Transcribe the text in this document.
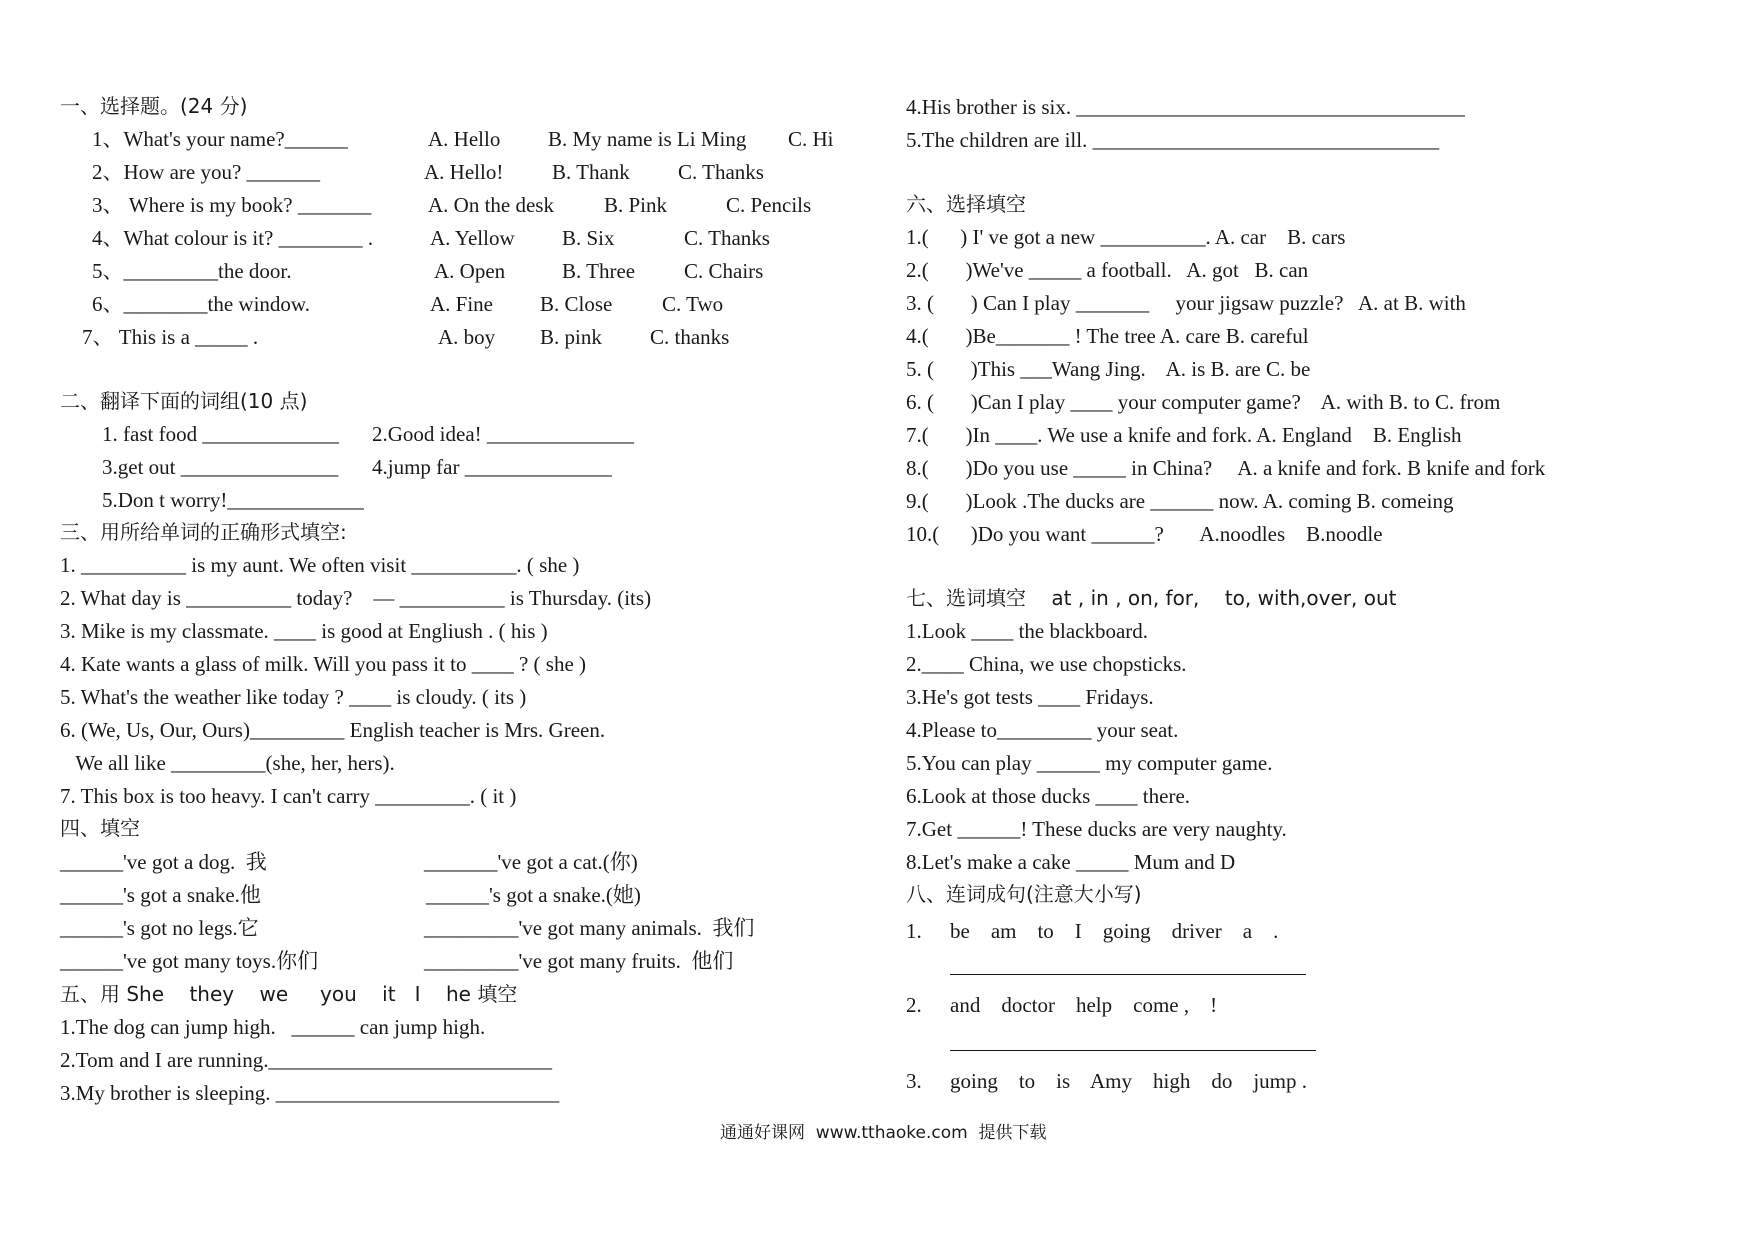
一、选择题。(24 分)
1、What's your name?______	A. Hello B. My name is Li Ming C. Hi
2、How are you? _______	A. Hello! B. Thank C. Thanks
3、 Where is my book? _______	A. On the desk B. Pink	C. Pencils
4、What colour is it? ________ .	A. Yellow B. Six	C. Thanks
5、_________the door.	A. Open	B. Three C. Chairs
6、________the window.	A. Fine B. Close C. Two
7、 This is a _____ .	A. boy B. pink C. thanks
二、翻译下面的词组(10 点)
1. fast food _____________ 2.Good idea! ______________
3.get out _______________ 4.jump far ______________
5.Don t worry!_____________
三、用所给单词的正确形式填空:
1. __________ is my aunt. We often visit __________. ( she )
2. What day is __________ today?    — __________ is Thursday. (its)
3. Mike is my classmate. ____ is good at Engliush . ( his )
4. Kate wants a glass of milk. Will you pass it to ____ ? ( she )
5. What's the weather like today ? ____ is cloudy. ( its )
6. (We, Us, Our, Ours)_________ English teacher is Mrs. Green.
We all like _________(she, her, hers).
7. This box is too heavy. I can't carry _________. ( it )
四、填空
______'ve got a dog.  我	_______'ve got a cat.(你)
______'s got a snake.他	______'s got a snake.(她)
______'s got no legs.它	_________'ve got many animals.  我们
______'ve got many toys.你们	_________'ve got many fruits.  他们
五、用 She    they    we     you    it   I    he 填空
1.The dog can jump high.   ______ can jump high.
2.Tom and I are running.___________________________
3.My brother is sleeping. ___________________________
4.His brother is six. _____________________________________
5.The children are ill. _________________________________
六、选择填空
1.(      ) I' ve got a new __________. A. car    B. cars
2.(       )We've _____ a football.   A. got   B. can
3. (       ) Can I play _______     your jigsaw puzzle?   A. at B. with
4.(       )Be_______ ! The tree A. care B. careful
5. (       )This ___Wang Jing.    A. is B. are C. be
6. (       )Can I play ____ your computer game?    A. with B. to C. from
7.(       )In ____. We use a knife and fork. A. England    B. English
8.(       )Do you use _____ in China?     A. a knife and fork. B knife and fork
9.(       )Look .The ducks are ______ now. A. coming B. comeing
10.(      )Do you want ______?       A.noodles    B.noodle
七、选词填空    at , in , on, for,    to, with,over, out
1.Look ____ the blackboard.
2.____ China, we use chopsticks.
3.He's got tests ____ Fridays.
4.Please to_________ your seat.
5.You can play ______ my computer game.
6.Look at those ducks ____ there.
7.Get ______! These ducks are very naughty.
8.Let's make a cake _____ Mum and D
八、连词成句(注意大小写)
1. be    am    to    I    going    driver    a    .
2. and    doctor    help    come ,    !
3. going    to    is    Amy    high    do    jump .
通通好课网  www.tthaoke.com  提供下载
